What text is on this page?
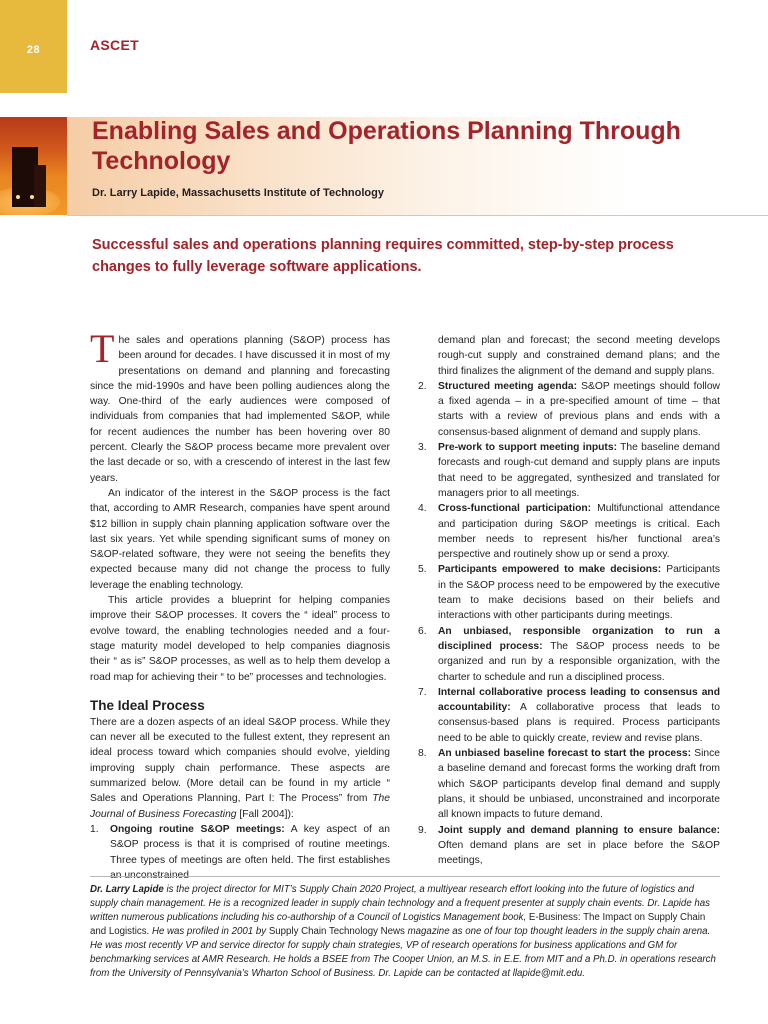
28	ASCET
Enabling Sales and Operations Planning Through Technology
Dr. Larry Lapide, Massachusetts Institute of Technology

Successful sales and operations planning requires committed, step-by-step process changes to fully leverage software applications.

The sales and operations planning (S&OP) process has been around for decades. I have discussed it in most of my presentations on demand and planning and forecasting since the mid-1990s and have been polling audiences along the way. One-third of the early audiences were composed of individuals from companies that had implemented S&OP, while for recent audiences the number has been hovering over 80 percent. Clearly the S&OP process became more prevalent over the last decade or so, with a crescendo of interest in the last few years.

An indicator of the interest in the S&OP process is the fact that, according to AMR Research, companies have spent around $12 billion in supply chain planning application software over the last six years. Yet while spending significant sums of money on S&OP-related software, they were not seeing the benefits they expected because many did not change the process to fully leverage the enabling technology.

This article provides a blueprint for helping companies improve their S&OP processes. It covers the “ ideal” process to evolve toward, the enabling technologies needed and a four-stage maturity model developed to help companies diagnosis their “ as is” S&OP processes, as well as to help them develop a road map for achieving their “ to be” processes and technologies.

The Ideal Process

There are a dozen aspects of an ideal S&OP process. While they can never all be executed to the fullest extent, they represent an ideal process toward which companies should evolve, yielding improving supply chain performance. These aspects are summarized below. (More detail can be found in my article “ Sales and Operations Planning, Part I: The Process” from The Journal of Business Forecasting [Fall 2004]):

1.	Ongoing routine S&OP meetings: A key aspect of an S&OP process is that it is comprised of routine meetings. Three types of meetings are often held. The first establishes
demand plan and forecast; the second meeting develops rough-cut supply and constrained demand plans; and the third finalizes the alignment of the demand and supply plans.
2.	Structured meeting agenda: S&OP meetings should follow a fixed agenda – in a pre-specified amount of time – that starts with a review of previous plans and ends with a consensus-based alignment of demand and supply plans.
3.	Pre-work to support meeting inputs: The baseline demand forecasts and rough-cut demand and supply plans are inputs that need to be aggregated, synthesized and translated for managers prior to all meetings.
4.	Cross-functional participation: Multifunctional attendance and participation during S&OP meetings is critical. Each member needs to represent his/her functional area’s perspective and routinely show up or send a proxy.
5.	Participants empowered to make decisions: Participants in the S&OP process need to be empowered by the executive team to make decisions based on their beliefs and interactions with other participants during meetings.
6.	An unbiased, responsible organization to run a disciplined process: The S&OP process needs to be organized and run by a responsible organization, with the charter to schedule and run a disciplined process.
7.	Internal collaborative process leading to consensus and accountability: A collaborative process that leads to consensus-based plans is required. Process participants need to be able to quickly create, review and revise plans.
8.	An unbiased baseline forecast to start the process: Since a baseline demand and forecast forms the working draft from which S&OP participants develop final demand and supply plans, it should be unbiased, unconstrained and incorporate all known impacts to future demand.
9.	Joint supply and demand planning to ensure balance: Often demand plans are set in place before the S&OP meetings,

Dr. Larry Lapide is the project director for MIT’s Supply Chain 2020 Project, a multiyear research effort looking into the future of logistics and supply chain management. He is a recognized leader in supply chain technology and a frequent presenter at supply chain events. Dr. Lapide has written numerous publications including his co-authorship of a Council of Logistics Management book, E-Business: The Impact on Supply Chain and Logistics. He was profiled in 2001 by Supply Chain Technology News magazine as one of four top thought leaders in the supply chain arena. He was most recently VP and service director for supply chain strategies, VP of research operations for business applications and GM for benchmarking services at AMR Research. He holds a BSEE from The Cooper Union, an M.S. in E.E. from MIT and a Ph.D. in operations research from the University of Pennsylvania’s Wharton School of Business. Dr. Lapide can be contacted at llapide@mit.edu.
